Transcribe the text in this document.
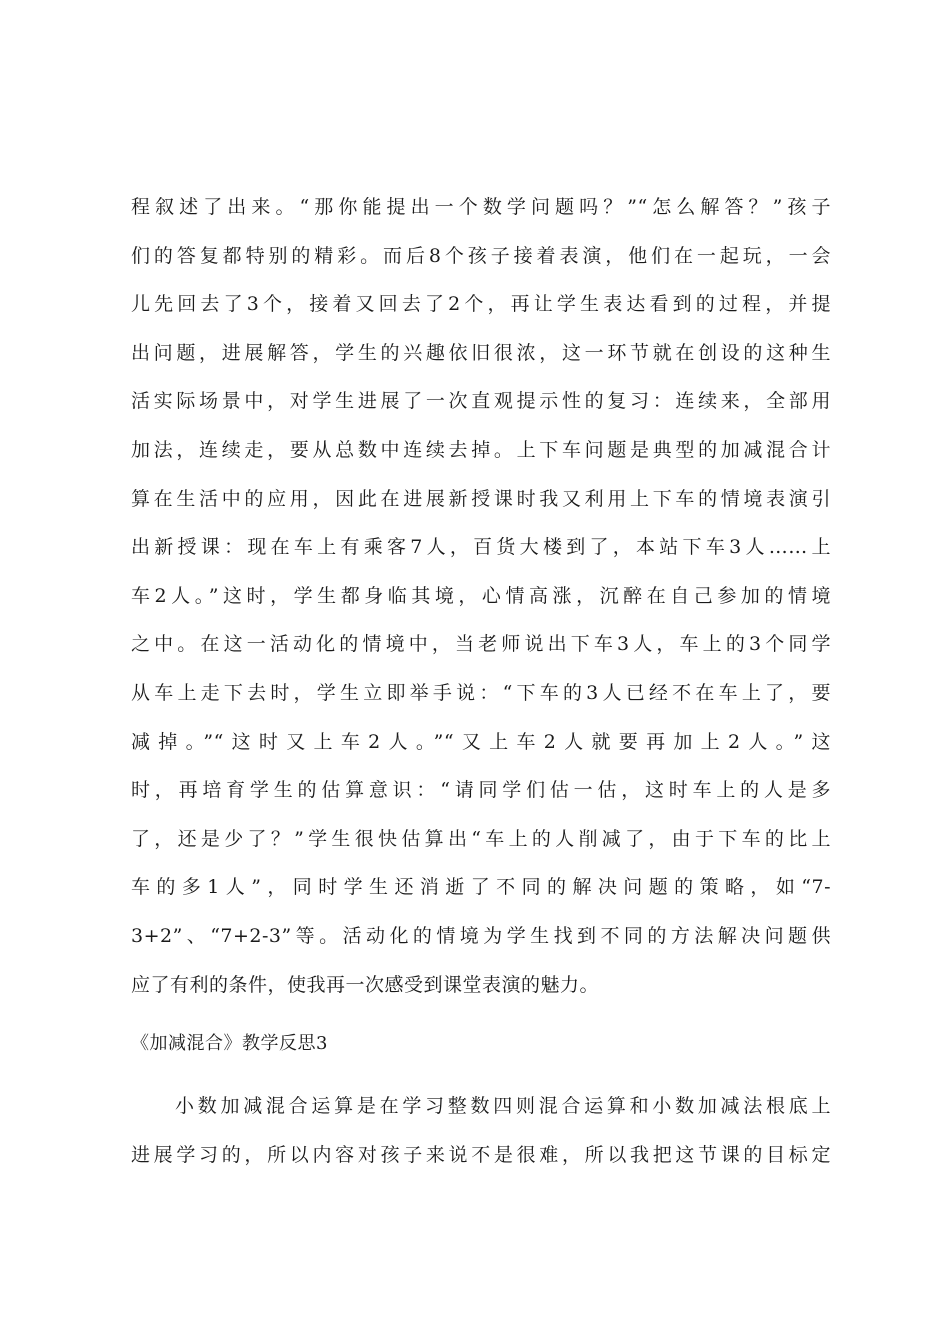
程叙述了出来。“那你能提出一个数学问题吗？”“怎么解答？”孩子
们的答复都特别的精彩。而后8个孩子接着表演，他们在一起玩，一会
儿先回去了3个，接着又回去了2个，再让学生表达看到的过程，并提
出问题，进展解答，学生的兴趣依旧很浓，这一环节就在创设的这种生
活实际场景中，对学生进展了一次直观提示性的复习：连续来，全部用
加法，连续走，要从总数中连续去掉。上下车问题是典型的加减混合计
算在生活中的应用，因此在进展新授课时我又利用上下车的情境表演引
出新授课：现在车上有乘客7人，百货大楼到了，本站下车3人……上
车2人。”这时，学生都身临其境，心情高涨，沉醉在自己参加的情境
之中。在这一活动化的情境中，当老师说出下车3人，车上的3个同学
从车上走下去时，学生立即举手说：“下车的3人已经不在车上了，要
减掉。”“这时又上车2人。”“又上车2人就要再加上2人。”这
时，再培育学生的估算意识：“请同学们估一估，这时车上的人是多
了，还是少了？”学生很快估算出“车上的人削减了，由于下车的比上
车的多1人”，同时学生还消逝了不同的解决问题的策略，如“7-
3+2”、“7+2-3”等。活动化的情境为学生找到不同的方法解决问题供
应了有利的条件，使我再一次感受到课堂表演的魅力。
《加减混合》教学反思3
小数加减混合运算是在学习整数四则混合运算和小数加减法根底上
进展学习的，所以内容对孩子来说不是很难，所以我把这节课的目标定
